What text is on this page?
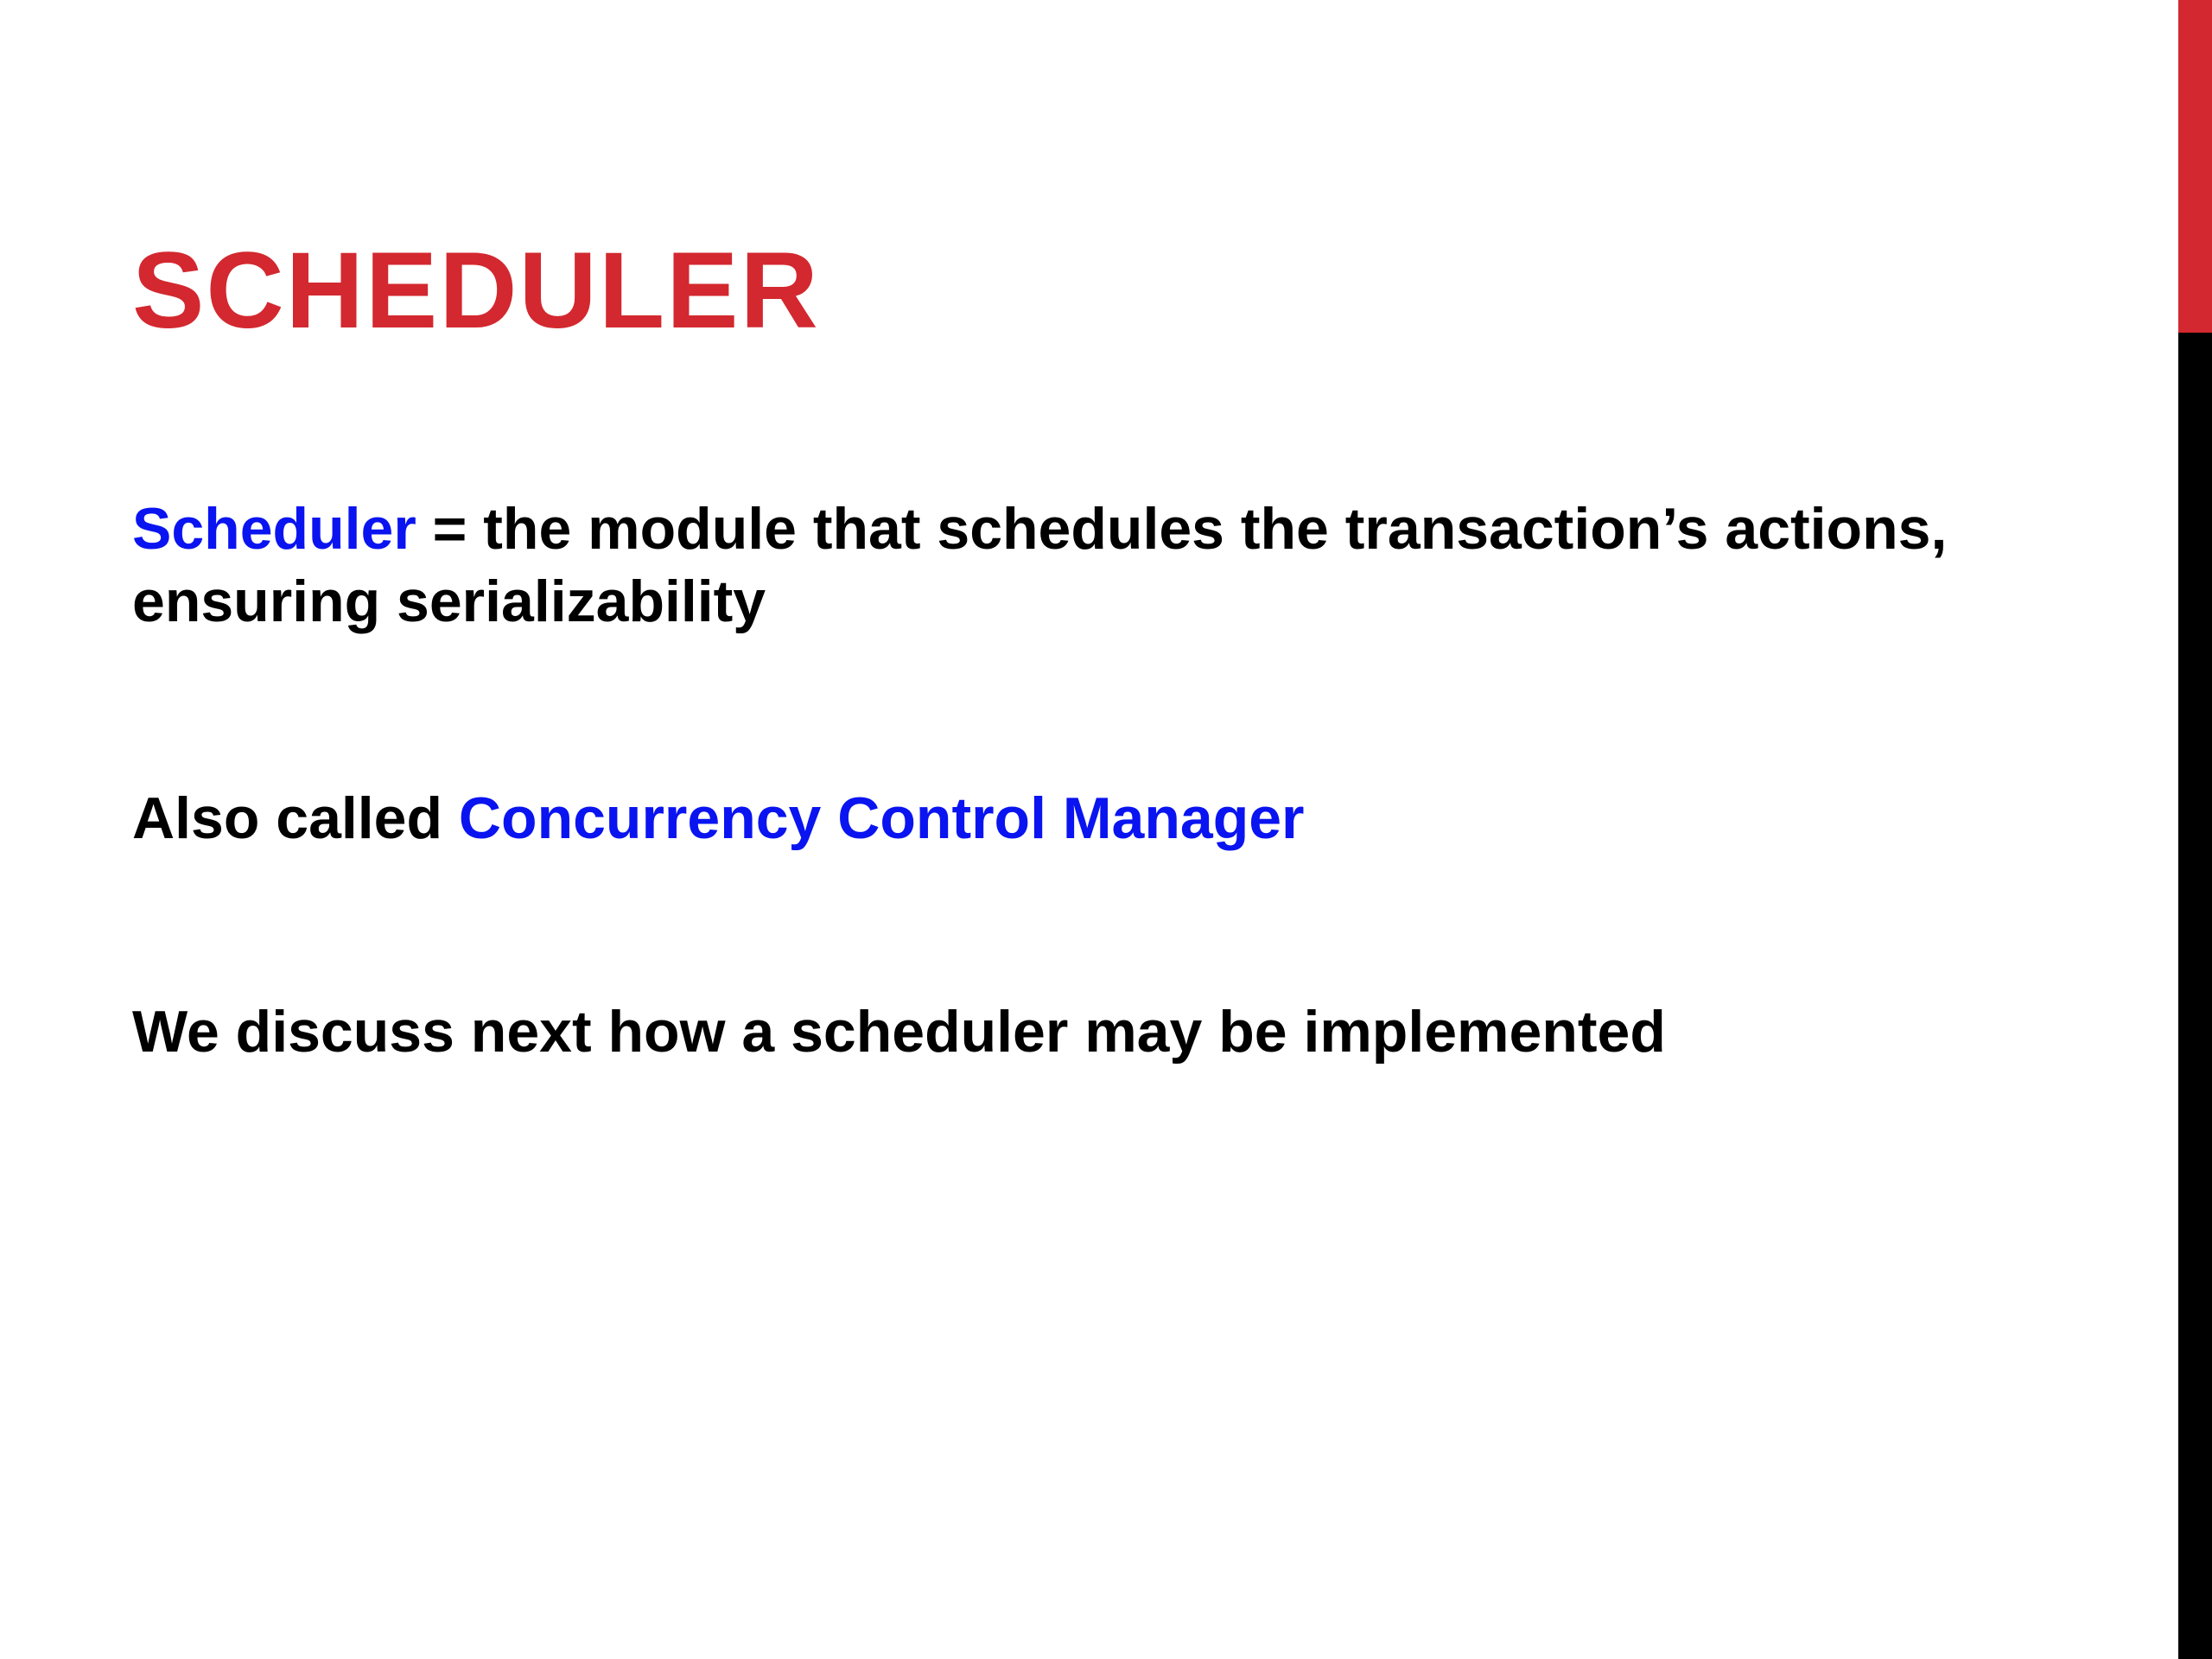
SCHEDULER

Scheduler = the module that schedules the transaction’s actions, ensuring serializability

Also called Concurrency Control Manager

We discuss next how a scheduler may be implemented
